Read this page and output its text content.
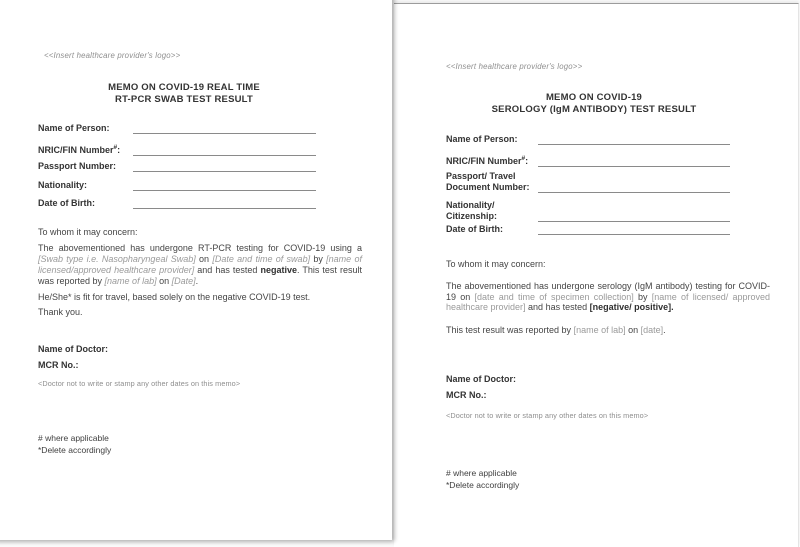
<<Insert healthcare provider's logo>>
MEMO ON COVID-19
SEROLOGY (IgM ANTIBODY) TEST RESULT
Name of Person:
NRIC/FIN Number#:
Passport/ Travel
Document Number:
Nationality/
Citizenship:
Date of Birth:
To whom it may concern:
The abovementioned has undergone serology (IgM antibody) testing for COVID-19 on [date and time of specimen collection] by [name of licensed/ approved healthcare provider] and has tested [negative/ positive].
This test result was reported by [name of lab] on [date].
Name of Doctor:
MCR No.:
<Doctor not to write or stamp any other dates on this memo>
# where applicable
*Delete accordingly
<<Insert healthcare provider's logo>>
MEMO ON COVID-19 REAL TIME
RT-PCR SWAB TEST RESULT
Name of Person:
NRIC/FIN Number#:
Passport Number:
Nationality:
Date of Birth:
To whom it may concern:
The abovementioned has undergone RT-PCR testing for COVID-19 using a [Swab type i.e. Nasopharyngeal Swab] on [Date and time of swab] by [name of licensed/approved healthcare provider] and has tested negative. This test result was reported by [name of lab] on [Date].
He/She* is fit for travel, based solely on the negative COVID-19 test.
Thank you.
Name of Doctor:
MCR No.:
<Doctor not to write or stamp any other dates on this memo>
# where applicable
*Delete accordingly
